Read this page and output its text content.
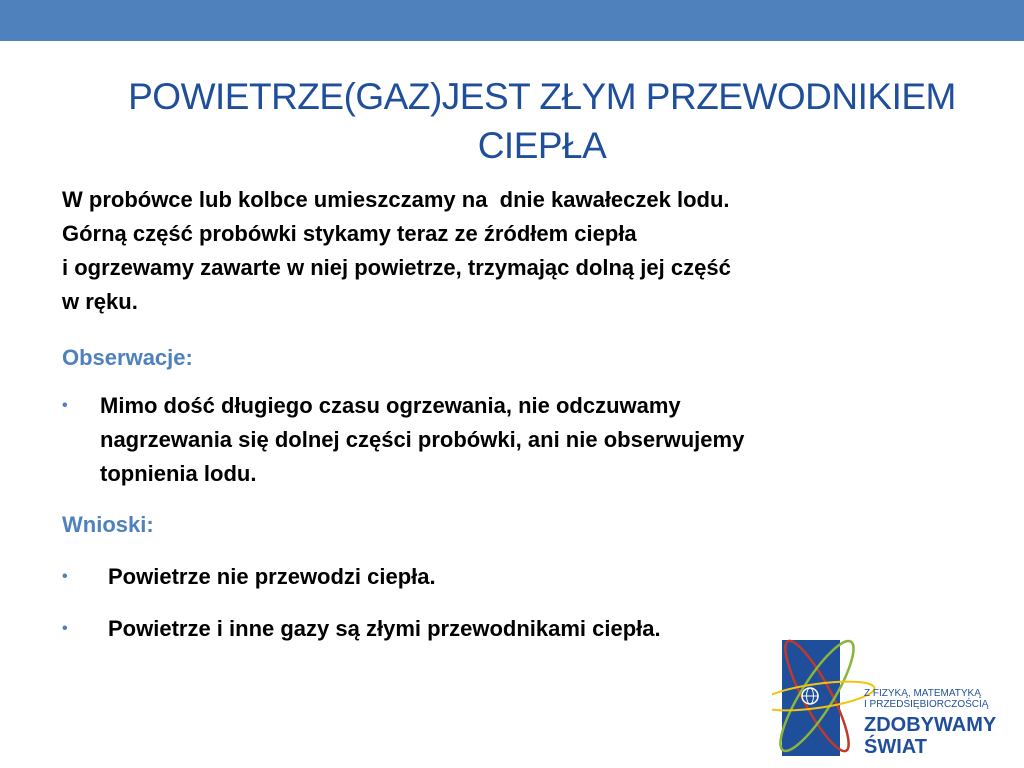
POWIETRZE(GAZ)JEST ZŁYM PRZEWODNIKIEM CIEPŁA

W probówce lub kolbce umieszczamy na  dnie kawałeczek lodu.

Górną część probówki stykamy teraz ze źródłem ciepła

i ogrzewamy zawarte w niej powietrze, trzymając dolną jej część

w ręku.

Obserwacje:
• Mimo dość długiego czasu ogrzewania, nie odczuwamy

nagrzewania się dolnej części probówki, ani nie obserwujemy

topnienia lodu.

Wnioski:
• Powietrze nie przewodzi ciepła.
• Powietrze i inne gazy są złymi przewodnikami ciepła.
Z FIZYKĄ, MATEMATYKĄ
I PRZEDSIĘBIORCZOŚCIĄ
ZDOBYWAMY
ŚWIAT
